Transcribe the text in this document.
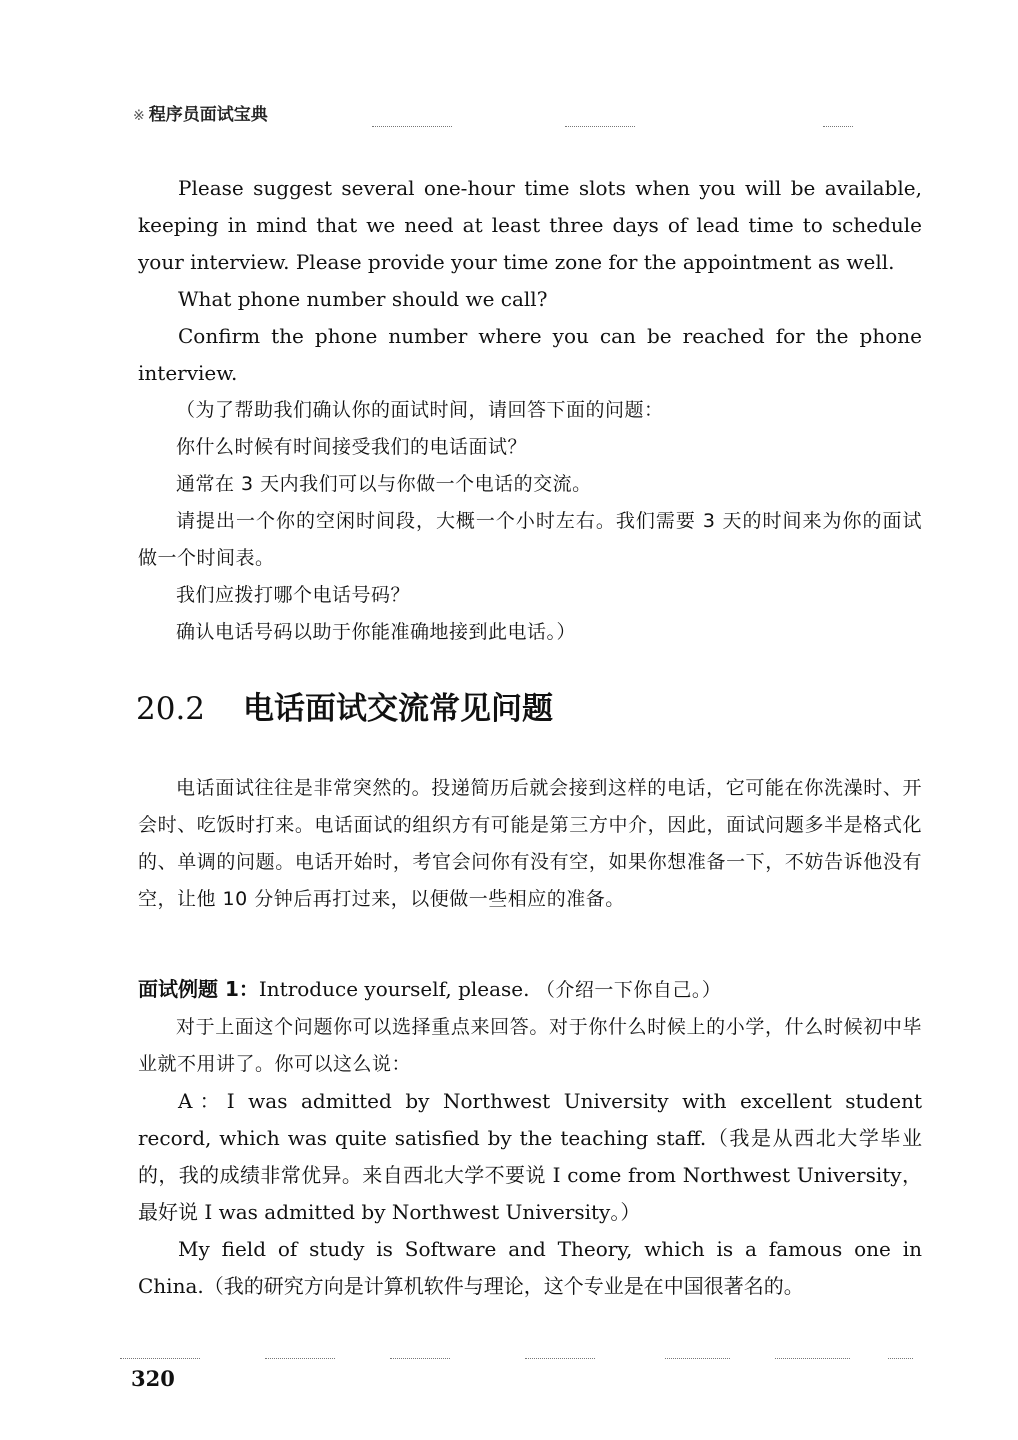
※ 程序员面试宝典

Please suggest several one-hour time slots when you will be available, keeping in mind that we need at least three days of lead time to schedule your interview. Please provide your time zone for the appointment as well.

What phone number should we call?

Confirm the phone number where you can be reached for the phone interview.

（为了帮助我们确认你的面试时间，请回答下面的问题：

你什么时候有时间接受我们的电话面试？

通常在 3 天内我们可以与你做一个电话的交流。

请提出一个你的空闲时间段，大概一个小时左右。我们需要 3 天的时间来为你的面试做一个时间表。

我们应拨打哪个电话号码？

确认电话号码以助于你能准确地接到此电话。）

20.2 电话面试交流常见问题

电话面试往往是非常突然的。投递简历后就会接到这样的电话，它可能在你洗澡时、开会时、吃饭时打来。电话面试的组织方有可能是第三方中介，因此，面试问题多半是格式化的、单调的问题。电话开始时，考官会问你有没有空，如果你想准备一下，不妨告诉他没有空，让他 10 分钟后再打过来，以便做一些相应的准备。

面试例题 1：Introduce yourself, please. （介绍一下你自己。）

对于上面这个问题你可以选择重点来回答。对于你什么时候上的小学，什么时候初中毕业就不用讲了。你可以这么说：

A：I was admitted by Northwest University with excellent student record, which was quite satisfied by the teaching staff.（我是从西北大学毕业的，我的成绩非常优异。来自西北大学不要说 I come from Northwest University，最好说 I was admitted by Northwest University。）

My field of study is Software and Theory, which is a famous one in China.（我的研究方向是计算机软件与理论，这个专业是在中国很著名的。

320
